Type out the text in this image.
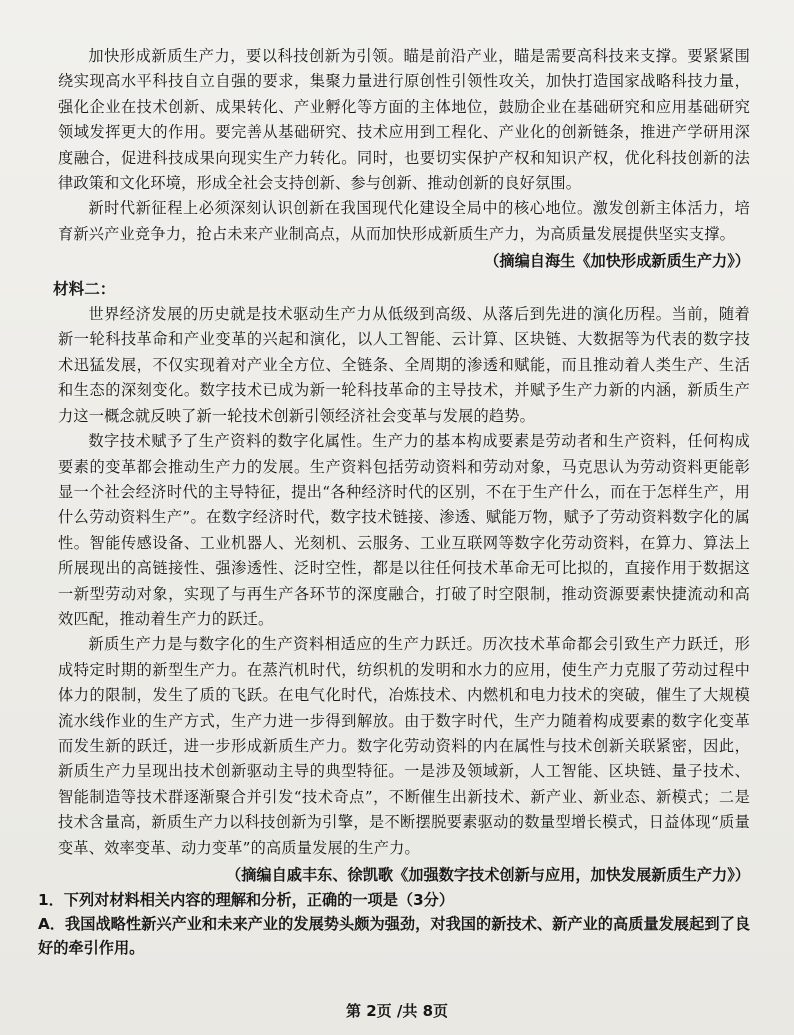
加快形成新质生产力，要以科技创新为引领。瞄是前沿产业，瞄是需要高科技来支撑。要紧紧围绕实现高水平科技自立自强的要求，集聚力量进行原创性引领性攻关，加快打造国家战略科技力量，强化企业在技术创新、成果转化、产业孵化等方面的主体地位，鼓励企业在基础研究和应用基础研究领域发挥更大的作用。要完善从基础研究、技术应用到工程化、产业化的创新链条，推进产学研用深度融合，促进科技成果向现实生产力转化。同时，也要切实保护产权和知识产权，优化科技创新的法律政策和文化环境，形成全社会支持创新、参与创新、推动创新的良好氛围。

新时代新征程上必须深刻认识创新在我国现代化建设全局中的核心地位。激发创新主体活力，培育新兴产业竞争力，抢占未来产业制高点，从而加快形成新质生产力，为高质量发展提供坚实支撑。

（摘编自海生《加快形成新质生产力》）
材料二：

世界经济发展的历史就是技术驱动生产力从低级到高级、从落后到先进的演化历程。当前，随着新一轮科技革命和产业变革的兴起和演化，以人工智能、云计算、区块链、大数据等为代表的数字技术迅猛发展，不仅实现着对产业全方位、全链条、全周期的渗透和赋能，而且推动着人类生产、生活和生态的深刻变化。数字技术已成为新一轮科技革命的主导技术，并赋予生产力新的内涵，新质生产力这一概念就反映了新一轮技术创新引领经济社会变革与发展的趋势。

数字技术赋予了生产资料的数字化属性。生产力的基本构成要素是劳动者和生产资料，任何构成要素的变革都会推动生产力的发展。生产资料包括劳动资料和劳动对象，马克思认为劳动资料更能彰显一个社会经济时代的主导特征，提出“各种经济时代的区别，不在于生产什么，而在于怎样生产，用什么劳动资料生产”。在数字经济时代，数字技术链接、渗透、赋能万物，赋予了劳动资料数字化的属性。智能传感设备、工业机器人、光刻机、云服务、工业互联网等数字化劳动资料，在算力、算法上所展现出的高链接性、强渗透性、泛时空性，都是以往任何技术革命无可比拟的，直接作用于数据这一新型劳动对象，实现了与再生产各环节的深度融合，打破了时空限制，推动资源要素快捷流动和高效匹配，推动着生产力的跃迁。

新质生产力是与数字化的生产资料相适应的生产力跃迁。历次技术革命都会引致生产力跃迁，形成特定时期的新型生产力。在蒸汽机时代，纺织机的发明和水力的应用，使生产力克服了劳动过程中体力的限制，发生了质的飞跃。在电气化时代，冶炼技术、内燃机和电力技术的突破，催生了大规模流水线作业的生产方式，生产力进一步得到解放。由于数字时代，生产力随着构成要素的数字化变革而发生新的跃迁，进一步形成新质生产力。数字化劳动资料的内在属性与技术创新关联紧密，因此，新质生产力呈现出技术创新驱动主导的典型特征。一是涉及领域新，人工智能、区块链、量子技术、智能制造等技术群逐渐聚合并引发“技术奇点”，不断催生出新技术、新产业、新业态、新模式；二是技术含量高，新质生产力以科技创新为引擎，是不断摆脱要素驱动的数量型增长模式，日益体现“质量变革、效率变革、动力变革”的高质量发展的生产力。

（摘编自戚丰东、徐凯歌《加强数字技术创新与应用，加快发展新质生产力》）
1．下列对材料相关内容的理解和分析，正确的一项是（3分）
A．我国战略性新兴产业和未来产业的发展势头颇为强劲，对我国的新技术、新产业的高质量发展起到了良好的牵引作用。
第 2页 /共 8页
